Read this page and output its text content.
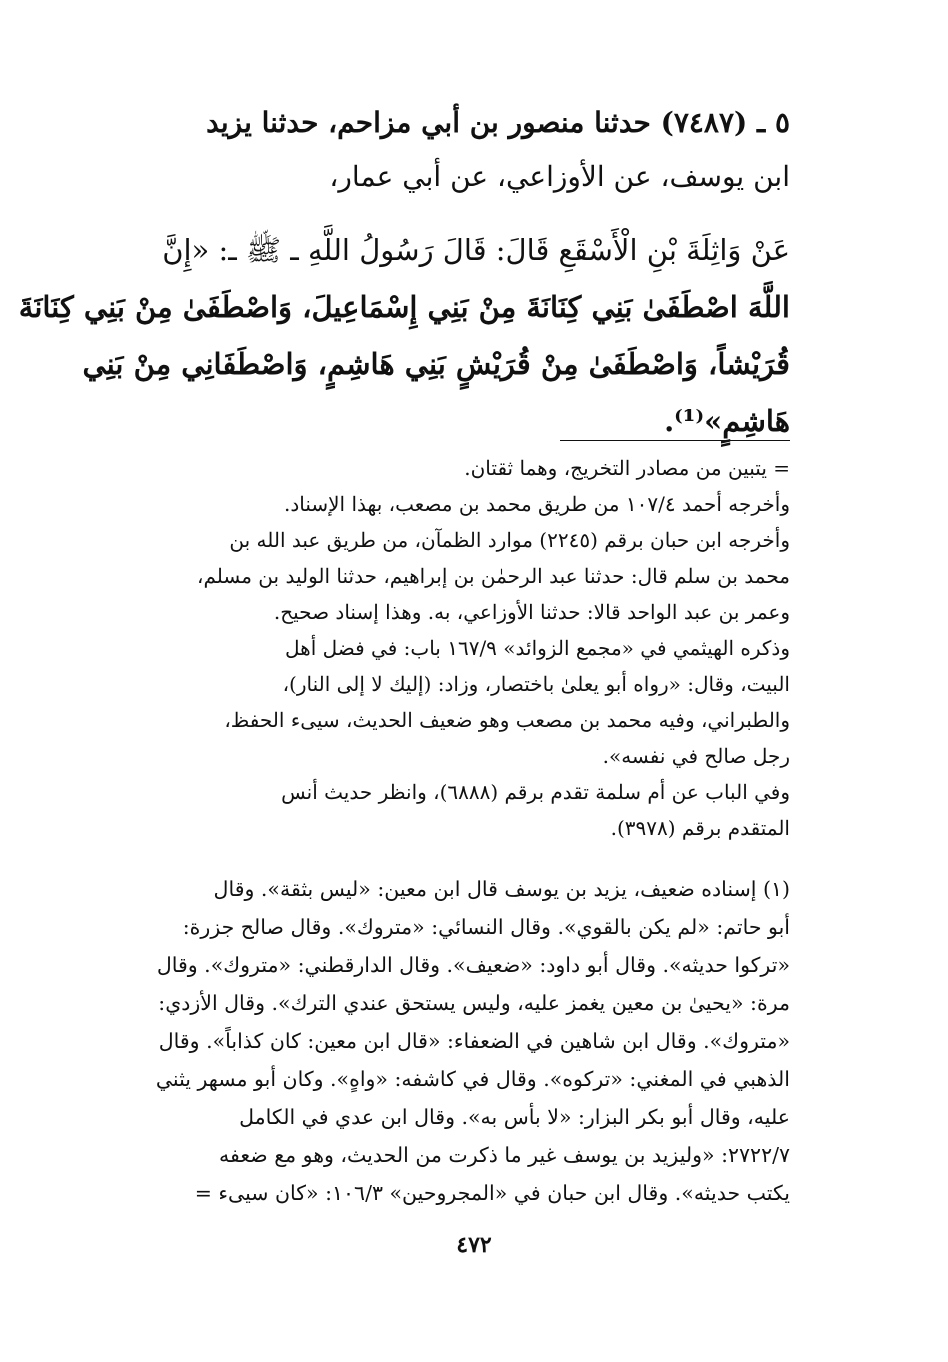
٥ ـ (٧٤٨٧) حدثنا منصور بن أبي مزاحم، حدثنا يزيد
ابن يوسف، عن الأوزاعي، عن أبي عمار،
عَنْ وَاثِلَةَ بْنِ الْأَسْقَعِ قَالَ: قَالَ رَسُولُ اللَّهِ ـ ﷺ ـ: «إِنَّ
اللَّهَ اصْطَفَىٰ بَنِي كِنَانَةَ مِنْ بَنِي إِسْمَاعِيلَ، وَاصْطَفَىٰ مِنْ بَنِي كِنَانَةَ
قُرَيْشاً، وَاصْطَفَىٰ مِنْ قُرَيْشٍ بَنِي هَاشِمٍ، وَاصْطَفَانِي مِنْ بَنِي
هَاشِمٍ»⁽¹⁾.
= يتبين من مصادر التخريج، وهما ثقتان.
وأخرجه أحمد ١٠٧/٤ من طريق محمد بن مصعب، بهذا الإسناد.
وأخرجه ابن حبان برقم (٢٢٤٥) موارد الظمآن، من طريق عبد الله بن
محمد بن سلم قال: حدثنا عبد الرحمٰن بن إبراهيم، حدثنا الوليد بن مسلم،
وعمر بن عبد الواحد قالا: حدثنا الأوزاعي، به. وهذا إسناد صحيح.
وذكره الهيثمي في «مجمع الزوائد» ١٦٧/٩ باب: في فضل أهل
البيت، وقال: «رواه أبو يعلىٰ باختصار، وزاد: (إليك لا إلى النار)،
والطبراني، وفيه محمد بن مصعب وهو ضعيف الحديث، سيىء الحفظ،
رجل صالح في نفسه».
وفي الباب عن أم سلمة تقدم برقم (٦٨٨٨)، وانظر حديث أنس
المتقدم برقم (٣٩٧٨).
(١) إسناده ضعيف، يزيد بن يوسف قال ابن معين: «ليس بثقة». وقال
أبو حاتم: «لم يكن بالقوي». وقال النسائي: «متروك». وقال صالح جزرة:
«تركوا حديثه». وقال أبو داود: «ضعيف». وقال الدارقطني: «متروك». وقال
مرة: «يحيىٰ بن معين يغمز عليه، وليس يستحق عندي الترك». وقال الأزدي:
«متروك». وقال ابن شاهين في الضعفاء: «قال ابن معين: كان كذاباً». وقال
الذهبي في المغني: «تركوه». وقال في كاشفه: «واهٍ». وكان أبو مسهر يثني
عليه، وقال أبو بكر البزار: «لا بأس به». وقال ابن عدي في الكامل
٢٧٢٢/٧: «وليزيد بن يوسف غير ما ذكرت من الحديث، وهو مع ضعفه
يكتب حديثه». وقال ابن حبان في «المجروحين» ١٠٦/٣: «كان سيىء =
٤٧٢
